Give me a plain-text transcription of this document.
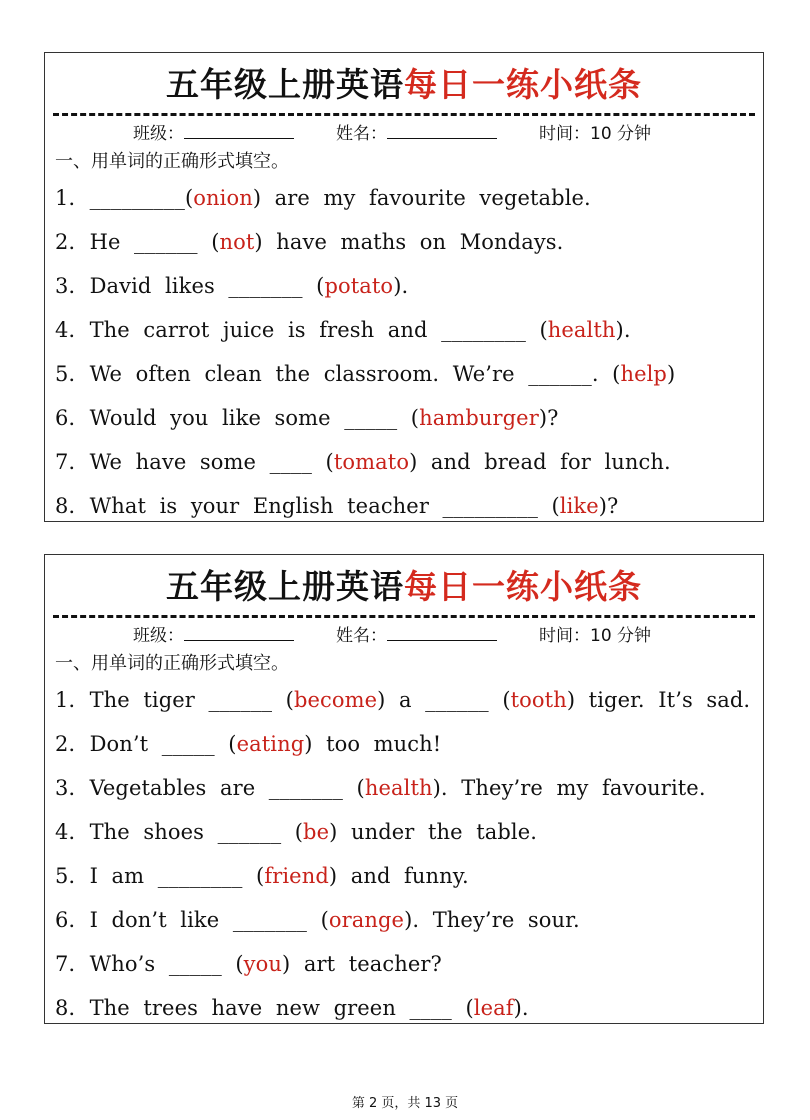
五年级上册英语每日一练小纸条
班级：	姓名：	时间：10 分钟
一、用单词的正确形式填空。
1．_________(onion)  are  my  favourite  vegetable.
2．He  ______  (not)  have  maths  on  Mondays.
3．David  likes  _______  (potato).
4．The  carrot  juice  is  fresh  and  ________  (health).
5．We  often  clean  the  classroom.  We’re  ______.  (help)
6．Would  you  like  some  _____  (hamburger)?
7．We  have  some  ____  (tomato)  and  bread  for  lunch.
8．What  is  your  English  teacher  _________  (like)?
五年级上册英语每日一练小纸条
班级：	姓名：	时间：10 分钟
一、用单词的正确形式填空。
1．The  tiger  ______  (become)  a  ______  (tooth)  tiger.  It’s  sad.
2．Don’t  _____  (eating)  too  much!
3．Vegetables  are  _______  (health).  They’re  my  favourite.
4．The  shoes  ______  (be)  under  the  table.
5．I  am  ________  (friend)  and  funny.
6．I  don’t  like  _______  (orange).  They’re  sour.
7．Who’s  _____  (you)  art  teacher?
8．The  trees  have  new  green  ____  (leaf).
第 2 页，共 13 页
